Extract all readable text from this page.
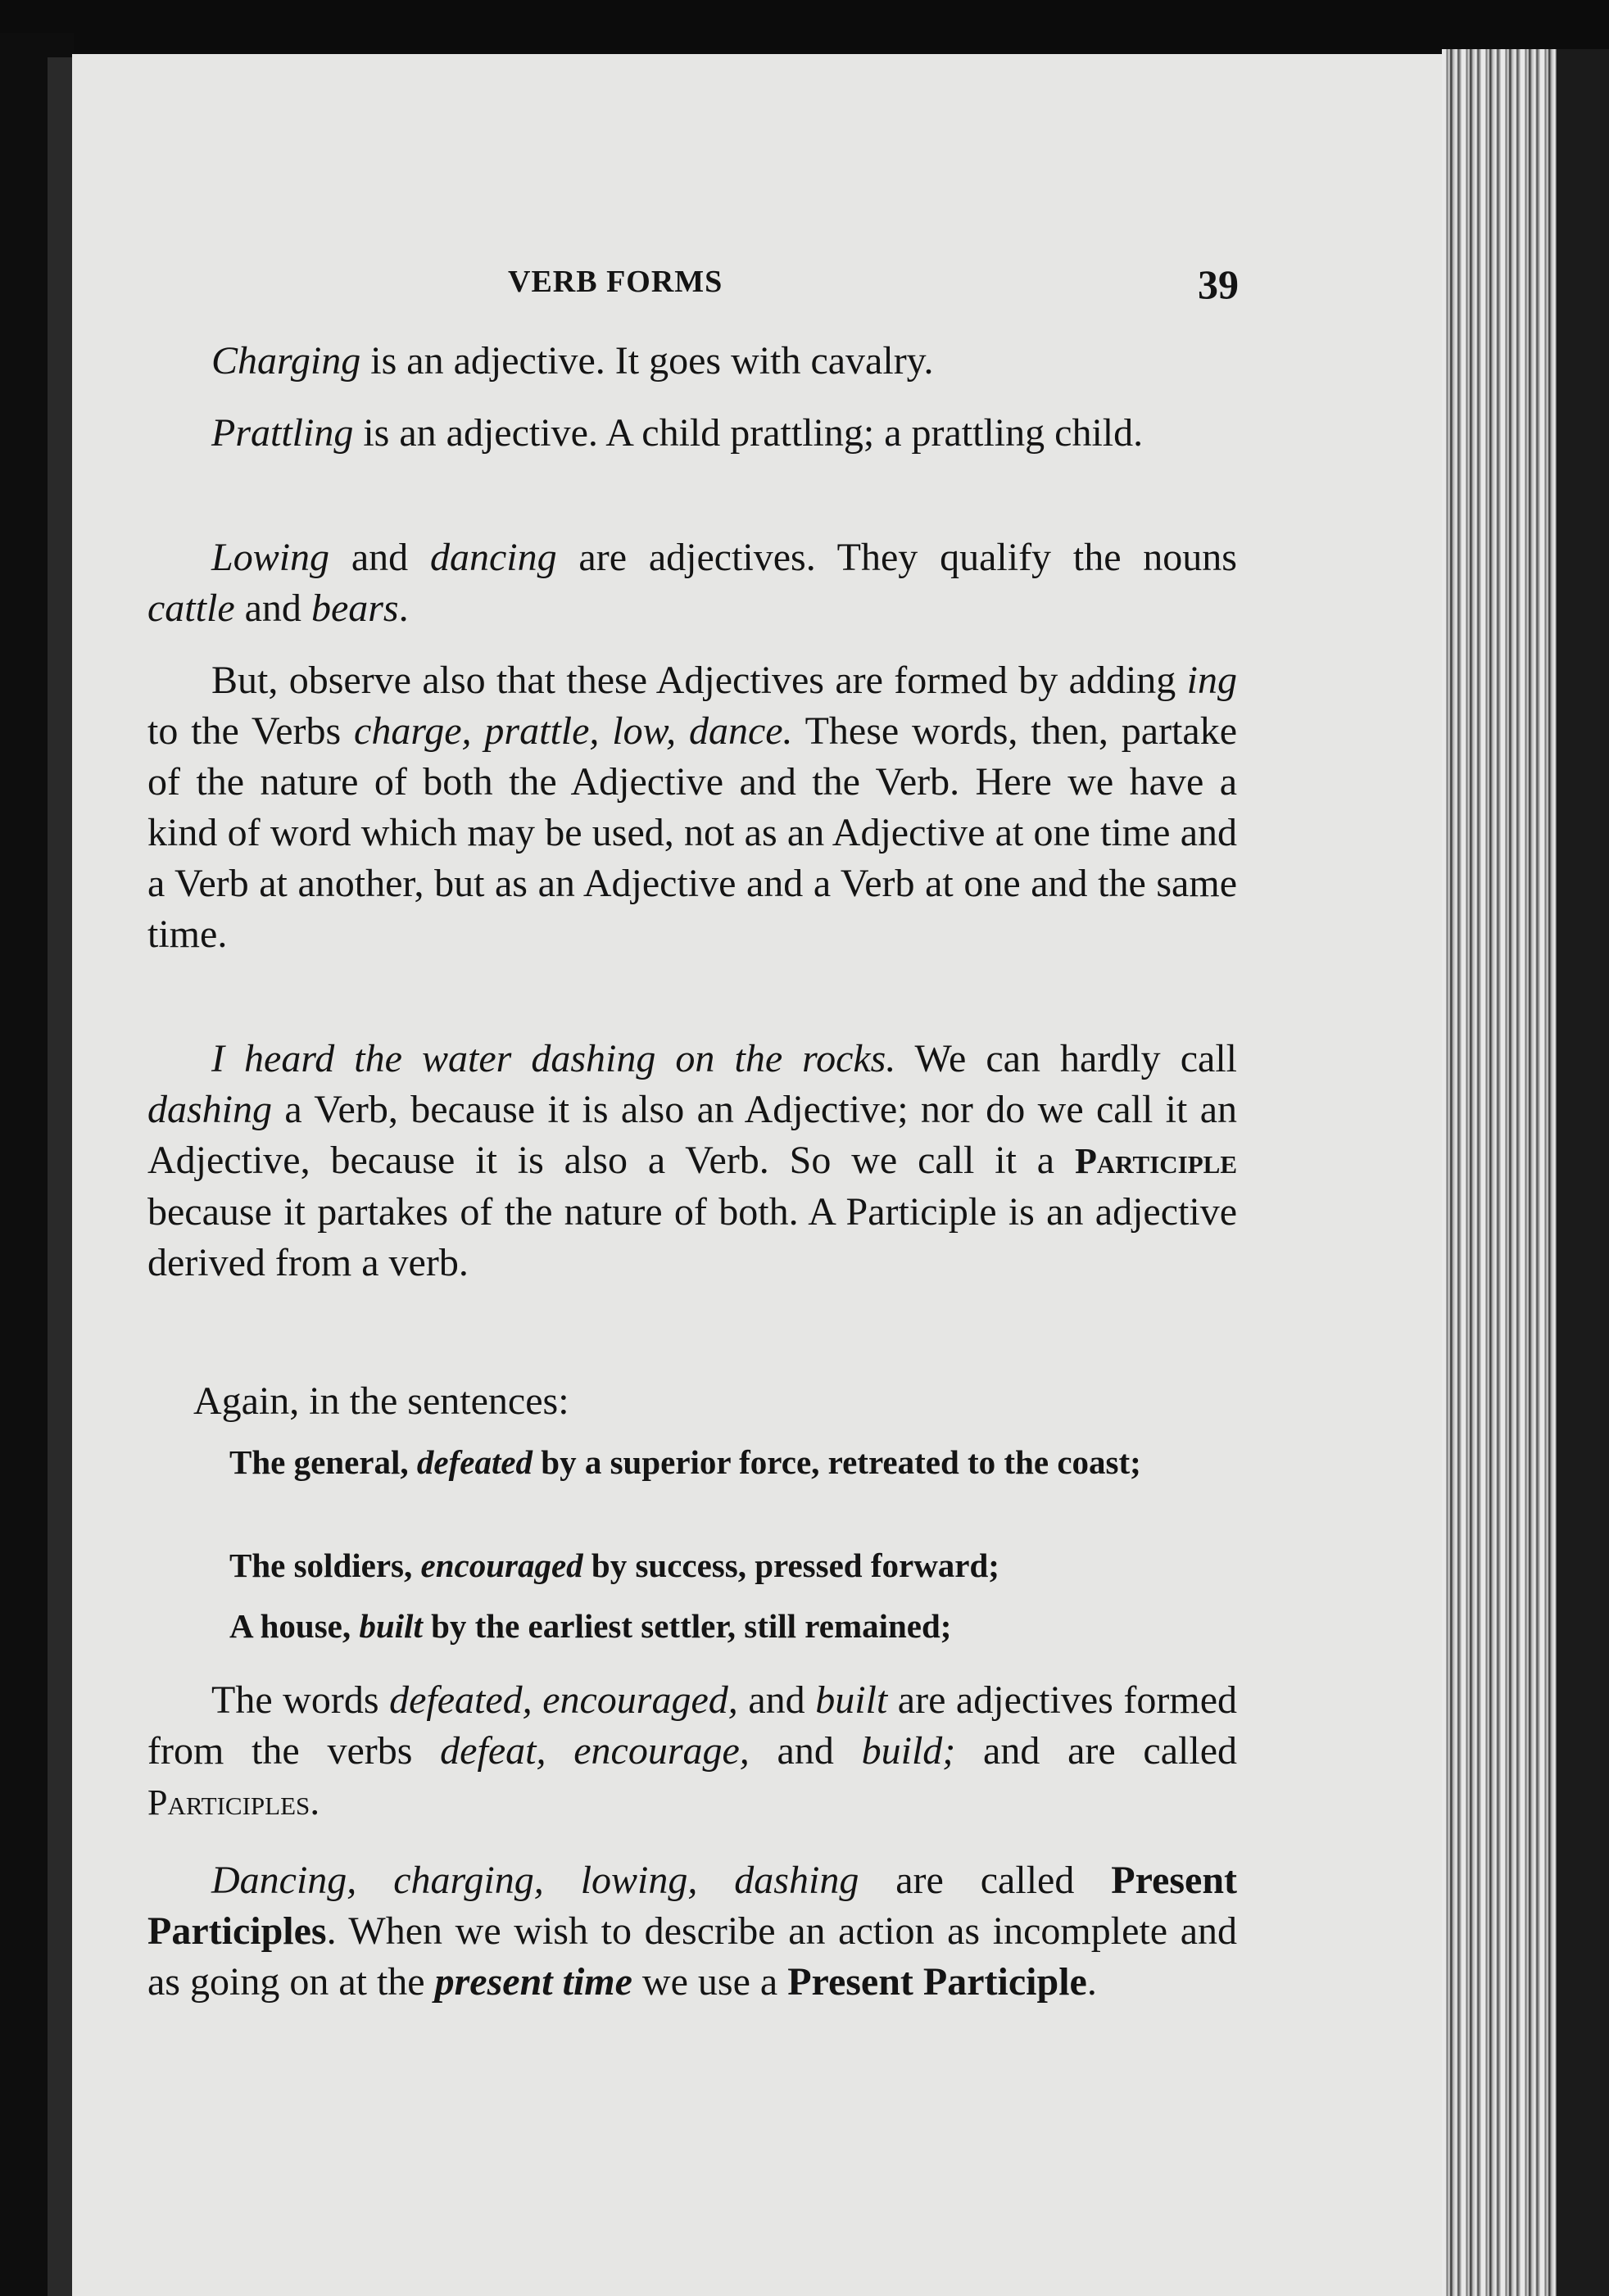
VERB FORMS	39

Charging is an adjective. It goes with cavalry.

Prattling is an adjective. A child prattling; a prattling child.

Lowing and dancing are adjectives. They qualify the nouns cattle and bears.

But, observe also that these Adjectives are formed by adding ing to the Verbs charge, prattle, low, dance. These words, then, partake of the nature of both the Adjective and the Verb. Here we have a kind of word which may be used, not as an Adjective at one time and a Verb at another, but as an Adjective and a Verb at one and the same time.

I heard the water dashing on the rocks. We can hardly call dashing a Verb, because it is also an Adjective; nor do we call it an Adjective, because it is also a Verb. So we call it a Participle because it partakes of the nature of both. A Participle is an adjective derived from a verb.

Again, in the sentences:

The general, defeated by a superior force, retreated to the coast;

The soldiers, encouraged by success, pressed forward;

A house, built by the earliest settler, still remained;

The words defeated, encouraged, and built are adjectives formed from the verbs defeat, encourage, and build; and are called Participles.

Dancing, charging, lowing, dashing are called Present Participles. When we wish to describe an action as incomplete and as going on at the present time we use a Present Participle.
